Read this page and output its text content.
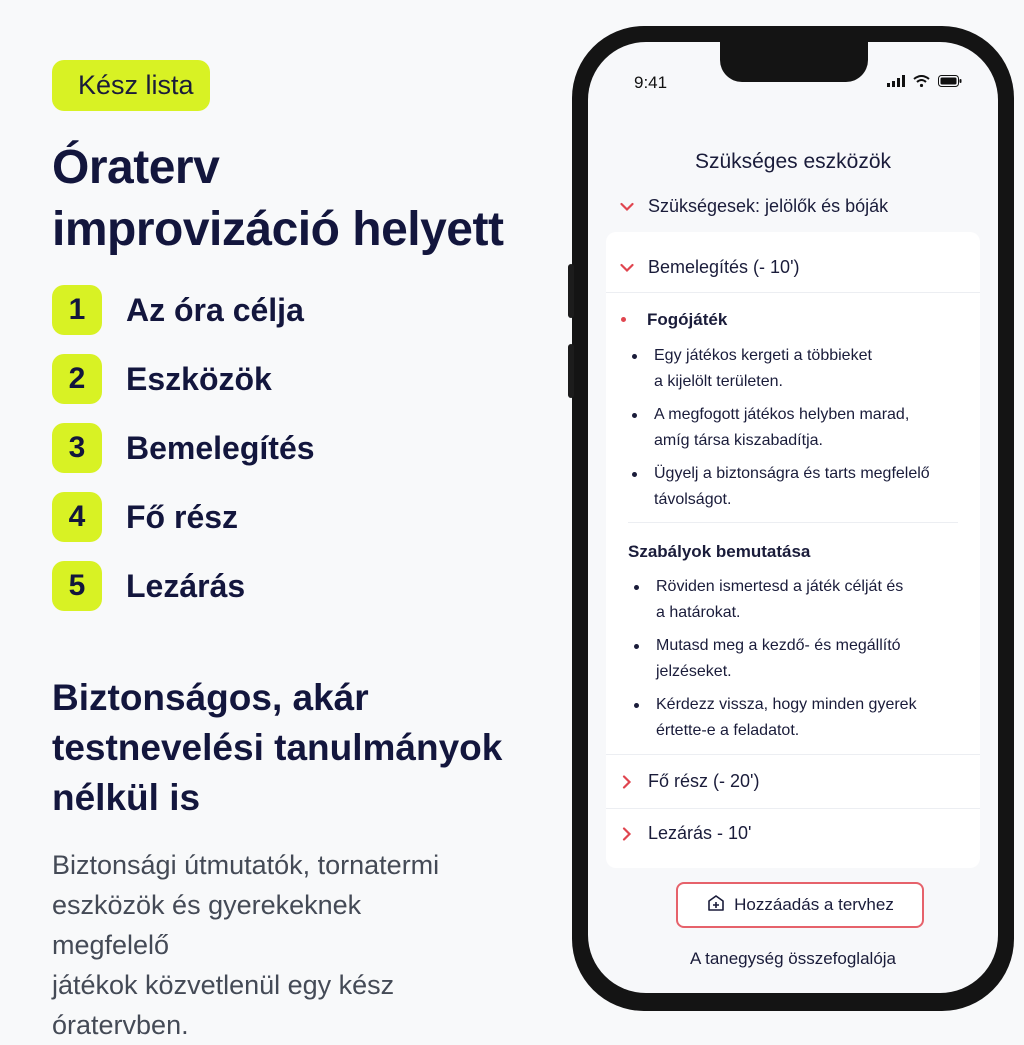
Kész lista
Óraterv
improvizáció helyett
1	Az óra célja
2	Eszközök
3	Bemelegítés
4	Fő rész
5	Lezárás
Biztonságos, akár
testnevelési tanulmányok
nélkül is
Biztonsági útmutatók, tornatermi
eszközök és gyerekeknek megfelelő
játékok közvetlenül egy kész
óratervben.
9:41
Szükséges eszközök
Szükségesek: jelölők és bóják
Bemelegítés (- 10')
Fogójáték
Egy játékos kergeti a többieket
a kijelölt területen.
A megfogott játékos helyben marad,
amíg társa kiszabadítja.
Ügyelj a biztonságra és tarts megfelelő
távolságot.
Szabályok bemutatása
Röviden ismertesd a játék célját és
a határokat.
Mutasd meg a kezdő- és megállító
jelzéseket.
Kérdezz vissza, hogy minden gyerek
értette-e a feladatot.
Fő rész (- 20')
Lezárás - 10'
Hozzáadás a tervhez
A tanegység összefoglalója
